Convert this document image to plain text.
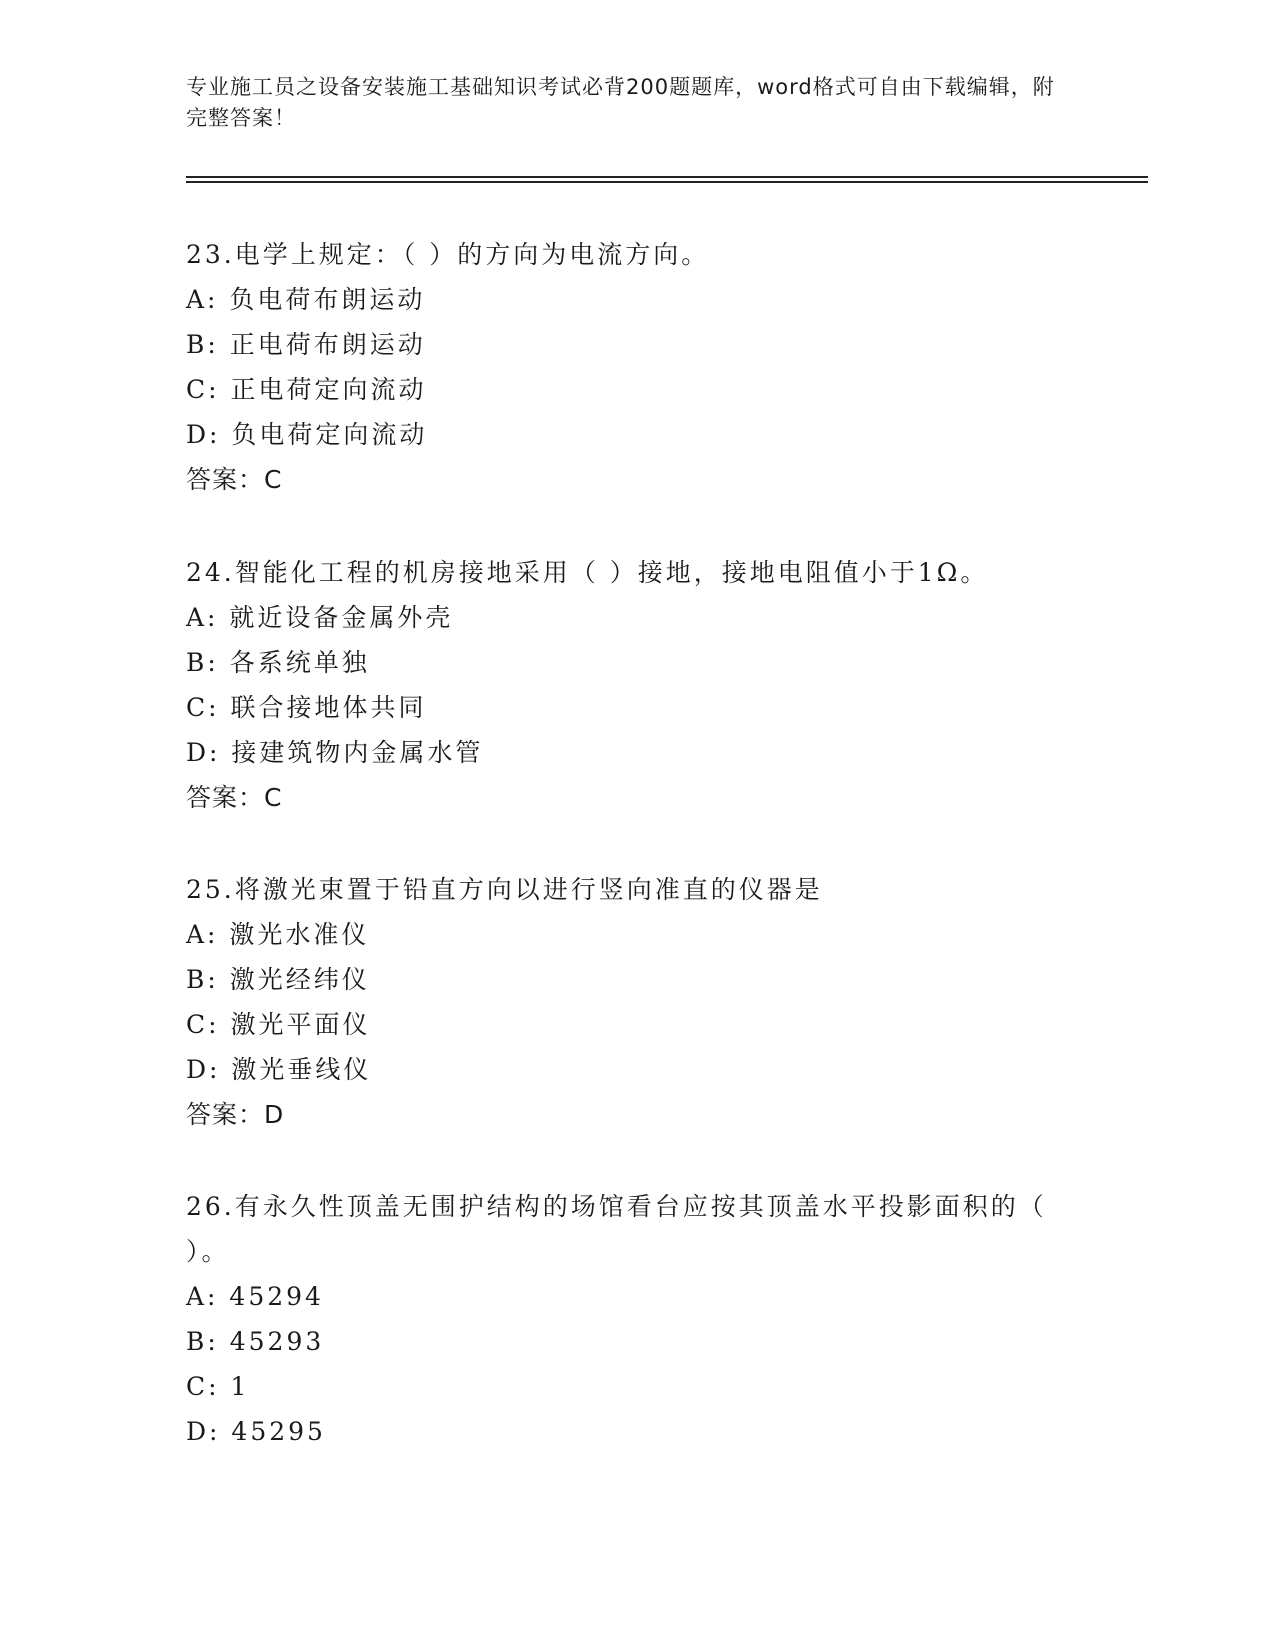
专业施工员之设备安装施工基础知识考试必背200题题库，word格式可自由下载编辑，附完整答案！

23.电学上规定：（ ）的方向为电流方向。

A: 负电荷布朗运动
B: 正电荷布朗运动
C: 正电荷定向流动
D: 负电荷定向流动
答案：C

24.智能化工程的机房接地采用（ ）接地，接地电阻值小于1Ω。

A: 就近设备金属外壳
B: 各系统单独
C: 联合接地体共同
D: 接建筑物内金属水管
答案：C

25.将激光束置于铅直方向以进行竖向准直的仪器是

A: 激光水准仪
B: 激光经纬仪
C: 激光平面仪
D: 激光垂线仪
答案：D

26.有永久性顶盖无围护结构的场馆看台应按其顶盖水平投影面积的（ ）。

A: 45294
B: 45293
C: 1
D: 45295
